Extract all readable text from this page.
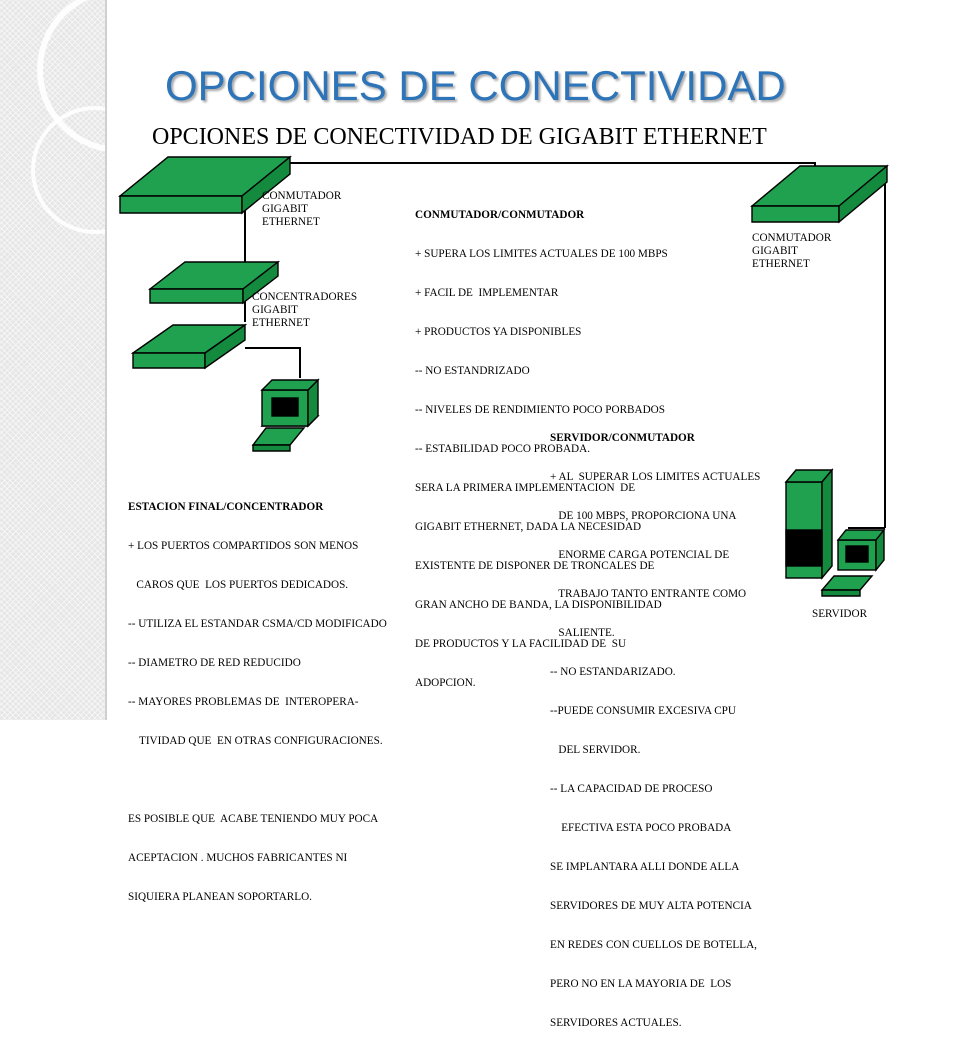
OPCIONES DE CONECTIVIDAD
OPCIONES DE CONECTIVIDAD DE GIGABIT ETHERNET
CONMUTADOR
GIGABIT
ETHERNET
CONCENTRADORES
GIGABIT
ETHERNET
CONMUTADOR
GIGABIT
ETHERNET
SERVIDOR

CONMUTADOR/CONMUTADOR

+ SUPERA LOS LIMITES ACTUALES DE 100 MBPS

+ FACIL DE  IMPLEMENTAR

+ PRODUCTOS YA DISPONIBLES

-- NO ESTANDRIZADO

-- NIVELES DE RENDIMIENTO POCO PORBADOS

-- ESTABILIDAD POCO PROBADA.

SERA LA PRIMERA IMPLEMENTACION  DE

GIGABIT ETHERNET, DADA LA NECESIDAD

EXISTENTE DE DISPONER DE TRONCALES DE

GRAN ANCHO DE BANDA, LA DISPONIBILIDAD

DE PRODUCTOS Y LA FACILIDAD DE  SU

ADOPCION.

SERVIDOR/CONMUTADOR

+ AL  SUPERAR LOS LIMITES ACTUALES

DE 100 MBPS, PROPORCIONA UNA

ENORME CARGA POTENCIAL DE

TRABAJO TANTO ENTRANTE COMO

SALIENTE.

-- NO ESTANDARIZADO.

--PUEDE CONSUMIR EXCESIVA CPU

DEL SERVIDOR.

-- LA CAPACIDAD DE PROCESO

EFECTIVA ESTA POCO PROBADA

SE IMPLANTARA ALLI DONDE ALLA

SERVIDORES DE MUY ALTA POTENCIA

EN REDES CON CUELLOS DE BOTELLA,

PERO NO EN LA MAYORIA DE  LOS

SERVIDORES ACTUALES.

ESTACION FINAL/CONCENTRADOR

+ LOS PUERTOS COMPARTIDOS SON MENOS

CAROS QUE  LOS PUERTOS DEDICADOS.

-- UTILIZA EL ESTANDAR CSMA/CD MODIFICADO

-- DIAMETRO DE RED REDUCIDO

-- MAYORES PROBLEMAS DE  INTEROPERA-

TIVIDAD QUE  EN OTRAS CONFIGURACIONES.

ES POSIBLE QUE  ACABE TENIENDO MUY POCA

ACEPTACION . MUCHOS FABRICANTES NI

SIQUIERA PLANEAN SOPORTARLO.
